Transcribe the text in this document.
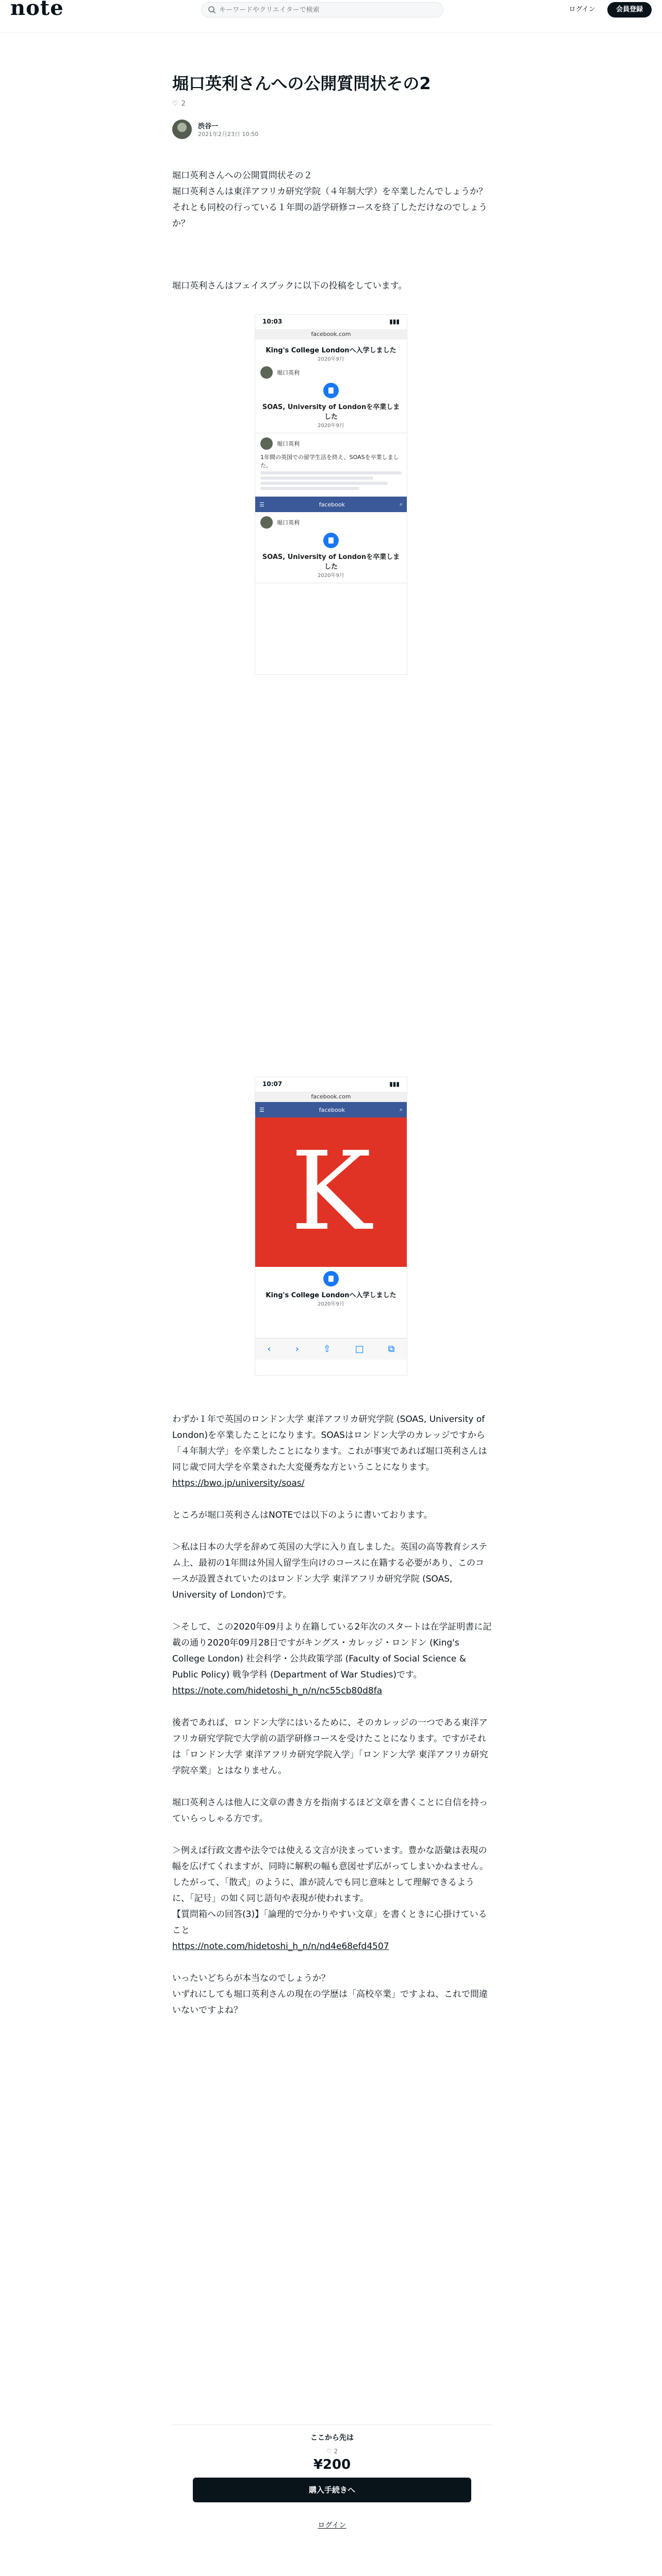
note
キーワードやクリエイターで検索	ログイン	会員登録
堀口英利さんへの公開質問状その2
♡ 2
渋谷一
2021年2月23日 10:50

堀口英利さんへの公開質問状その２

堀口英利さんは東洋アフリカ研究学院（４年制大学）を卒業したんでしょうか？

それとも同校の行っている１年間の語学研修コースを終了しただけなのでしょうか？

堀口英利さんはフェイスブックに以下の投稿をしています。
10:03	▮▮▮
facebook.com
King's College Londonへ入学しました
2020年9月
堀口英利
SOAS, University of Londonを卒業しました
2020年9月
堀口英利
1年間の英国での留学生活を終え、SOASを卒業しました。
☰	facebook	⌕
堀口英利
SOAS, University of Londonを卒業しました
2020年9月
10:07	▮▮▮
facebook.com
☰	facebook	⌕
K
King's College Londonへ入学しました
2020年9月
‹	›	⇧	□	⧉

わずか１年で英国のロンドン大学 東洋アフリカ研究学院 (SOAS, University of London)を卒業したことになります。SOASはロンドン大学のカレッジですから「４年制大学」を卒業したことになります。これが事実であれば堀口英利さんは同じ歳で同大学を卒業された大変優秀な方ということになります。

https://bwo.jp/university/soas/

ところが堀口英利さんはNOTEでは以下のように書いております。

＞私は日本の大学を辞めて英国の大学に入り直しました。英国の高等教育システム上、最初の1年間は外国人留学生向けのコースに在籍する必要があり、このコースが設置されていたのはロンドン大学 東洋アフリカ研究学院 (SOAS, University of London)です。

＞そして、この2020年09月より在籍している2年次のスタートは在学証明書に記載の通り2020年09月28日ですがキングス・カレッジ・ロンドン (King's College London) 社会科学・公共政策学部 (Faculty of Social Science & Public Policy) 戦争学科 (Department of War Studies)です。

https://note.com/hidetoshi_h_n/n/nc55cb80d8fa

後者であれば、ロンドン大学にはいるために、そのカレッジの一つである東洋アフリカ研究学院で大学前の語学研修コースを受けたことになります。ですがそれは「ロンドン大学 東洋アフリカ研究学院入学」「ロンドン大学 東洋アフリカ研究学院卒業」とはなりません。

堀口英利さんは他人に文章の書き方を指南するほど文章を書くことに自信を持っていらっしゃる方です。

＞例えば行政文書や法令では使える文言が決まっています。豊かな語彙は表現の幅を広げてくれますが、同時に解釈の幅も意図せず広がってしまいかねません。したがって、「散式」のように、誰が読んでも同じ意味として理解できるように、「記号」の如く同じ語句や表現が使われます。

【質問箱への回答(3)】「論理的で分かりやすい文章」を書くときに心掛けていること

https://note.com/hidetoshi_h_n/n/nd4e68efd4507

いったいどちらが本当なのでしょうか？

いずれにしても堀口英利さんの現在の学歴は「高校卒業」ですよね、これで間違いないですよね？

ここから先は
♡ 2
¥200
購入手続きへ
ログイン
